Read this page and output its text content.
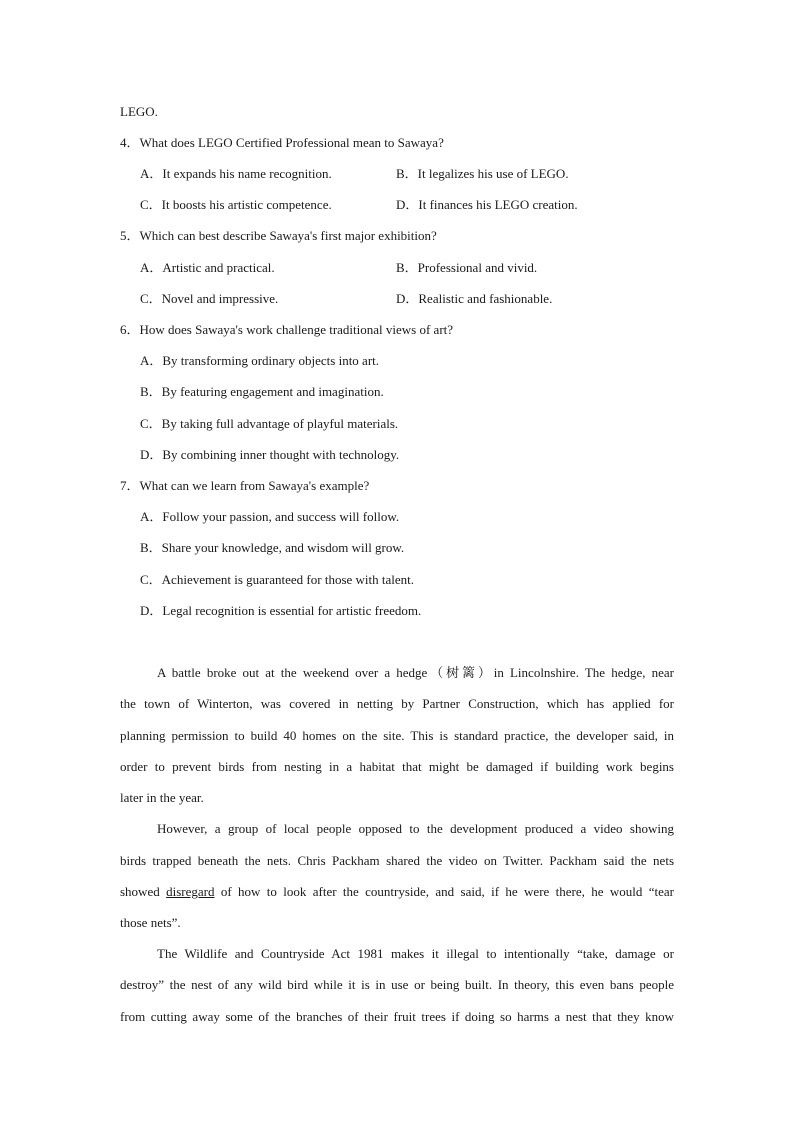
LEGO.
4．What does LEGO Certified Professional mean to Sawaya?
A．It expands his name recognition.	B．It legalizes his use of LEGO.
C．It boosts his artistic competence.	D．It finances his LEGO creation.
5．Which can best describe Sawaya's first major exhibition?
A．Artistic and practical.	B．Professional and vivid.
C．Novel and impressive.	D．Realistic and fashionable.
6．How does Sawaya's work challenge traditional views of art?
A．By transforming ordinary objects into art.
B．By featuring engagement and imagination.
C．By taking full advantage of playful materials.
D．By combining inner thought with technology.
7．What can we learn from Sawaya's example?
A．Follow your passion, and success will follow.
B．Share your knowledge, and wisdom will grow.
C．Achievement is guaranteed for those with talent.
D．Legal recognition is essential for artistic freedom.
A battle broke out at the weekend over a hedge（树篱）in Lincolnshire. The hedge, near
the town of Winterton, was covered in netting by Partner Construction, which has applied for
planning permission to build 40 homes on the site. This is standard practice, the developer said, in
order to prevent birds from nesting in a habitat that might be damaged if building work begins
later in the year.
However, a group of local people opposed to the development produced a video showing
birds trapped beneath the nets. Chris Packham shared the video on Twitter. Packham said the nets
showed disregard of how to look after the countryside, and said, if he were there, he would “tear
those nets”.
The Wildlife and Countryside Act 1981 makes it illegal to intentionally “take, damage or
destroy” the nest of any wild bird while it is in use or being built. In theory, this even bans people
from cutting away some of the branches of their fruit trees if doing so harms a nest that they know
